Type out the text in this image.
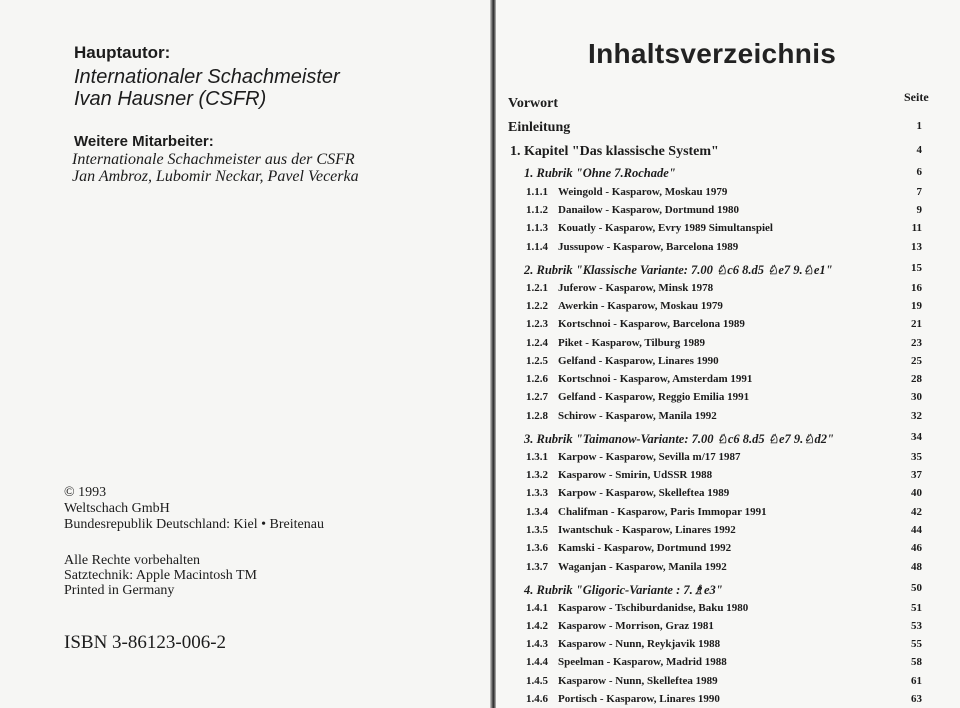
Hauptautor:
Internationaler Schachmeister
Ivan Hausner (CSFR)
Weitere Mitarbeiter:
Internationale Schachmeister aus der CSFR
Jan Ambroz, Lubomir Neckar, Pavel Vecerka
© 1993
Weltschach GmbH
Bundesrepublik Deutschland: Kiel • Breitenau
Alle Rechte vorbehalten
Satztechnik: Apple Macintosh TM
Printed in Germany
ISBN 3-86123-006-2
Inhaltsverzeichnis
Seite
Vorwort
Einleitung	1
1. Kapitel "Das klassische System"	4
1. Rubrik "Ohne 7.Rochade"	6
1.1.1 Weingold - Kasparow, Moskau 1979	7
1.1.2 Danailow - Kasparow, Dortmund 1980	9
1.1.3 Kouatly - Kasparow, Evry 1989 Simultanspiel	11
1.1.4 Jussupow - Kasparow, Barcelona 1989	13
2. Rubrik "Klassische Variante: 7.00 ♘c6 8.d5 ♘e7 9.♘e1"	15
1.2.1 Juferow - Kasparow, Minsk 1978	16
1.2.2 Awerkin - Kasparow, Moskau 1979	19
1.2.3 Kortschnoi - Kasparow, Barcelona 1989	21
1.2.4 Piket - Kasparow, Tilburg 1989	23
1.2.5 Gelfand - Kasparow, Linares 1990	25
1.2.6 Kortschnoi - Kasparow, Amsterdam 1991	28
1.2.7 Gelfand - Kasparow, Reggio Emilia 1991	30
1.2.8 Schirow - Kasparow, Manila 1992	32
3. Rubrik "Taimanow-Variante: 7.00 ♘c6 8.d5 ♘e7 9.♘d2"	34
1.3.1 Karpow - Kasparow, Sevilla m/17 1987	35
1.3.2 Kasparow - Smirin, UdSSR 1988	37
1.3.3 Karpow - Kasparow, Skelleftea 1989	40
1.3.4 Chalifman - Kasparow, Paris Immopar 1991	42
1.3.5 Iwantschuk - Kasparow, Linares 1992	44
1.3.6 Kamski - Kasparow, Dortmund 1992	46
1.3.7 Waganjan - Kasparow, Manila 1992	48
4. Rubrik "Gligoric-Variante : 7.♗e3"	50
1.4.1 Kasparow - Tschiburdanidse, Baku 1980	51
1.4.2 Kasparow - Morrison, Graz 1981	53
1.4.3 Kasparow - Nunn, Reykjavik 1988	55
1.4.4 Speelman - Kasparow, Madrid 1988	58
1.4.5 Kasparow - Nunn, Skelleftea 1989	61
1.4.6 Portisch - Kasparow, Linares 1990	63
